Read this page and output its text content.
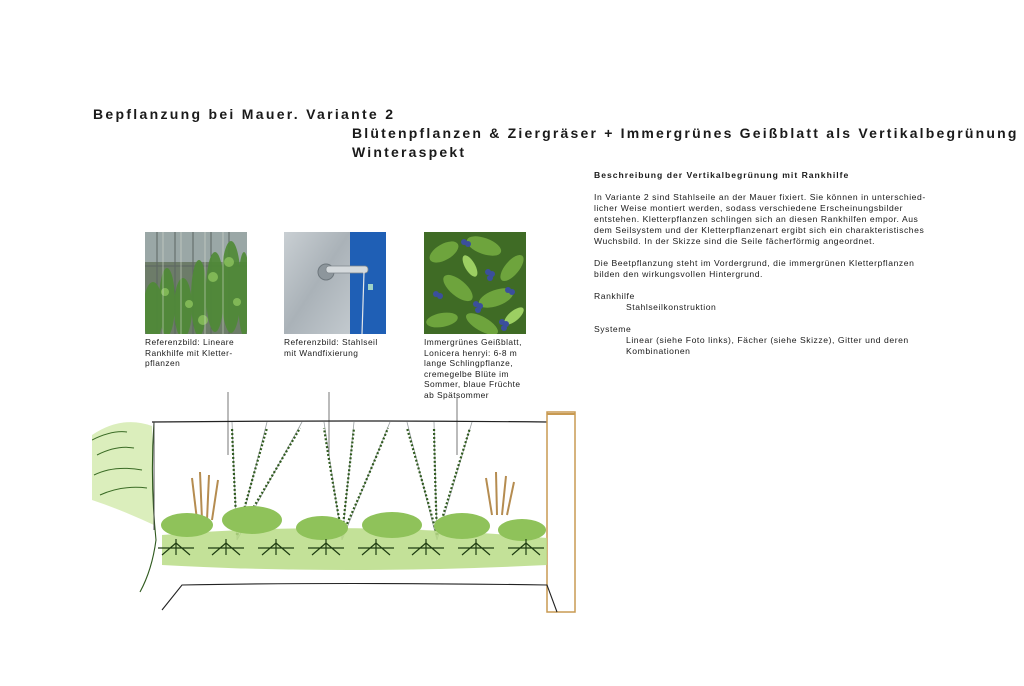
Bepflanzung bei Mauer. Variante 2
Blütenpflanzen & Ziergräser + Immergrünes Geißblatt als Vertikalbegrünung
Winteraspekt
Beschreibung der Vertikalbegrünung mit Rankhilfe

In Variante 2 sind Stahlseile an der Mauer fixiert. Sie können in unterschied-
licher Weise montiert werden, sodass verschiedene Erscheinungsbilder
entstehen. Kletterpflanzen schlingen sich an diesen Rankhilfen empor. Aus
dem Seilsystem und der Kletterpflanzenart ergibt sich ein charakteristisches
Wuchsbild. In der Skizze sind die Seile fächerförmig angeordnet.

Die Beetpflanzung steht im Vordergrund, die immergrünen Kletterpflanzen
bilden den wirkungsvollen Hintergrund.

Rankhilfe
Stahlseilkonstruktion
Systeme
Linear (siehe Foto links), Fächer (siehe Skizze), Gitter und deren
Kombinationen
Referenzbild: Lineare
Rankhilfe mit Kletter-
pflanzen
Referenzbild: Stahlseil
mit Wandfixierung
Immergrünes Geißblatt,
Lonicera henryi: 6-8 m
lange Schlingpflanze,
cremegelbe Blüte im
Sommer, blaue Früchte
ab Spätsommer
